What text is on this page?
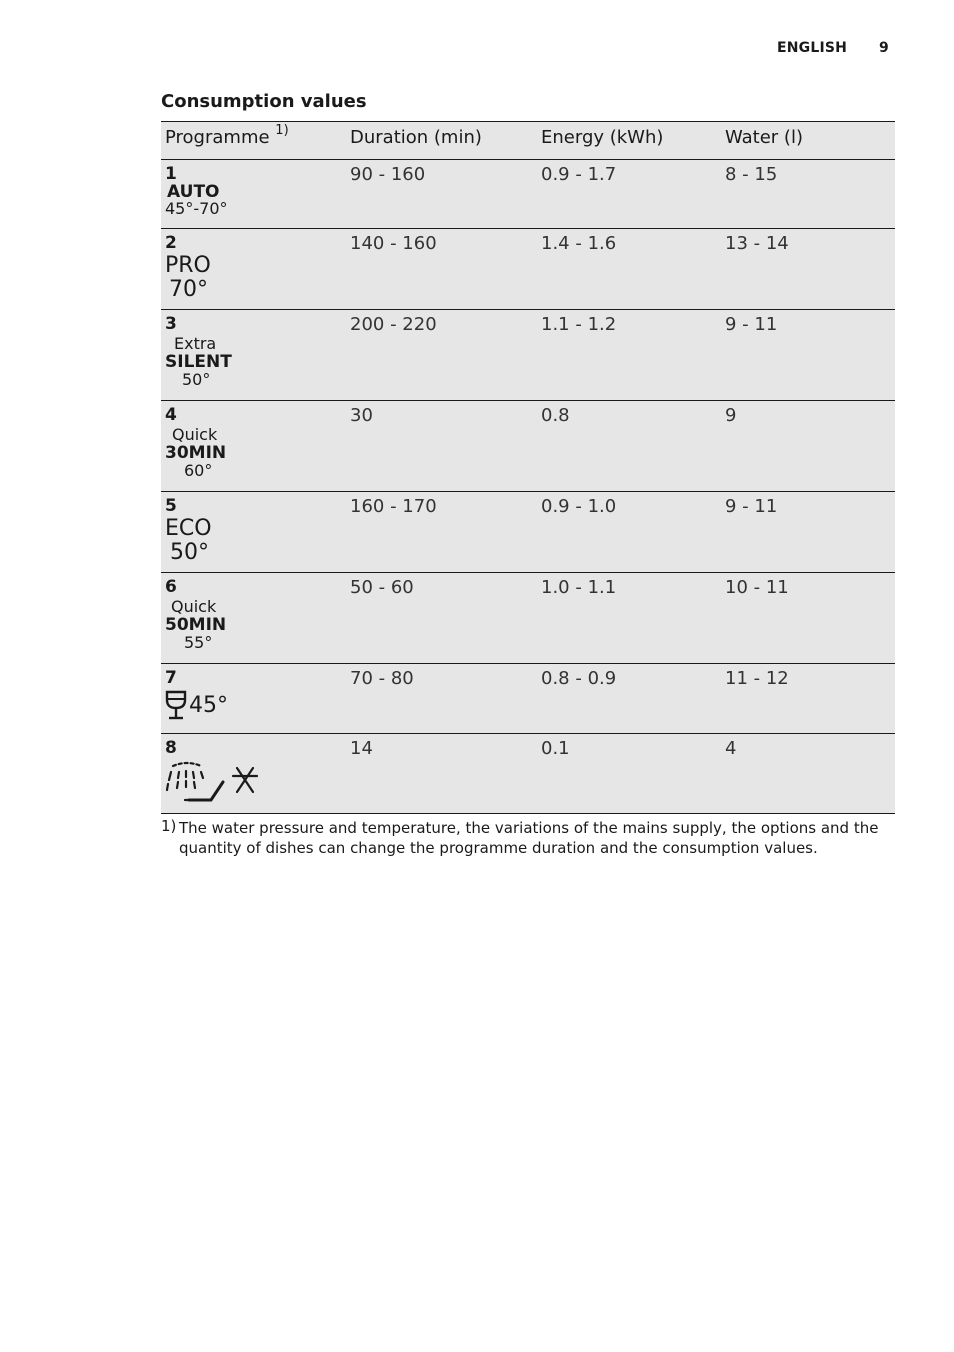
ENGLISH 9
Consumption values
Programme $^{1)}$	Duration (min)	Energy (kWh)	Water (l)
1
AUTO
45°-70°
90 - 160	0.9 - 1.7	8 - 15
2
PRO
70°
140 - 160	1.4 - 1.6	13 - 14
3
Extra
SILENT
50°
200 - 220	1.1 - 1.2	9 - 11
4
Quick
30MIN
60°
30	0.8	9
5
ECO
50°
160 - 170	0.9 - 1.0	9 - 11
6
Quick
50MIN
55°
50 - 60	1.0 - 1.1	10 - 11
7
45°
70 - 80	0.8 - 0.9	11 - 12
8	14	0.1	4
1) The water pressure and temperature, the variations of the mains supply, the options and the quantity of dishes can change the programme duration and the consumption values.
